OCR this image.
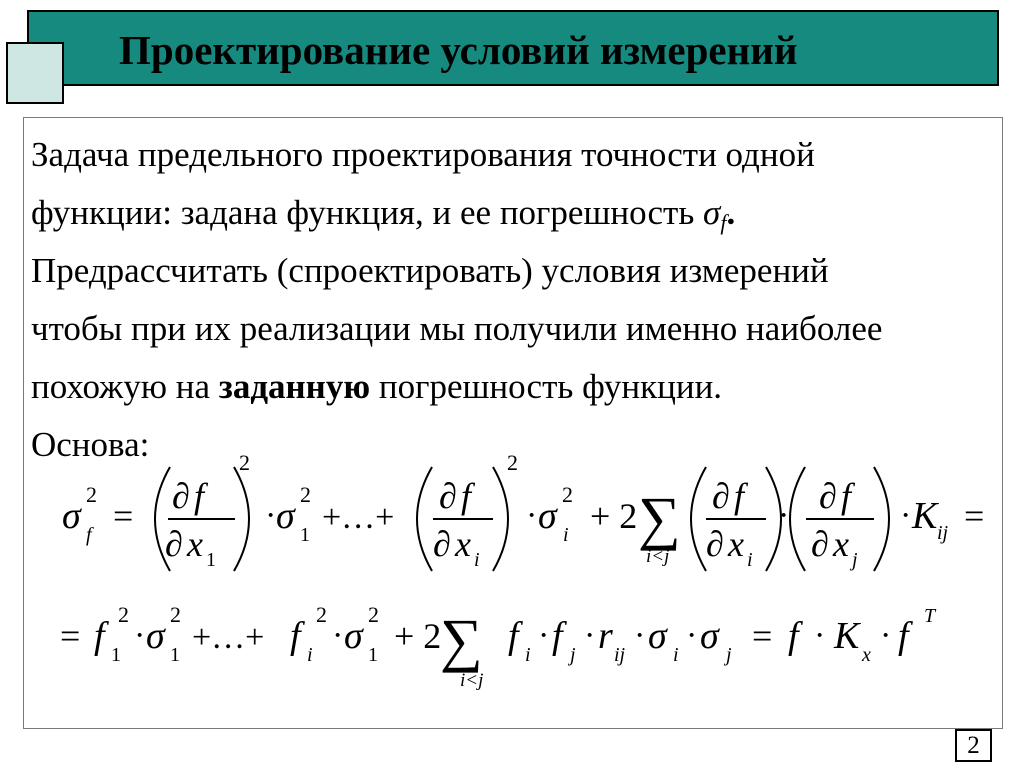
Проектирование условий измерений
Задача предельного проектирования точности одной
функции: задана функция, и ее погрешность σf.
Предрассчитать (спроектировать) условия измерений
чтобы при их реализации мы получили именно наиболее
похожую на заданную погрешность функции.
Основа:
σ
2
f = ∂ f
∂ x 1
2
· σ
2
1 +…+
∂ f
∂ x i
2
· σ
2
i + 2 ∑
i<j
∂ f
∂ x i
· ∂ f
∂ x j
· K ij =
= f 1
2
· σ
2
1 +…+ f i
2
· σ
2
1 + 2
∑
i<j
f i
· f j
· r ij
· σ i
· σ j = f · K x
· f T
2
